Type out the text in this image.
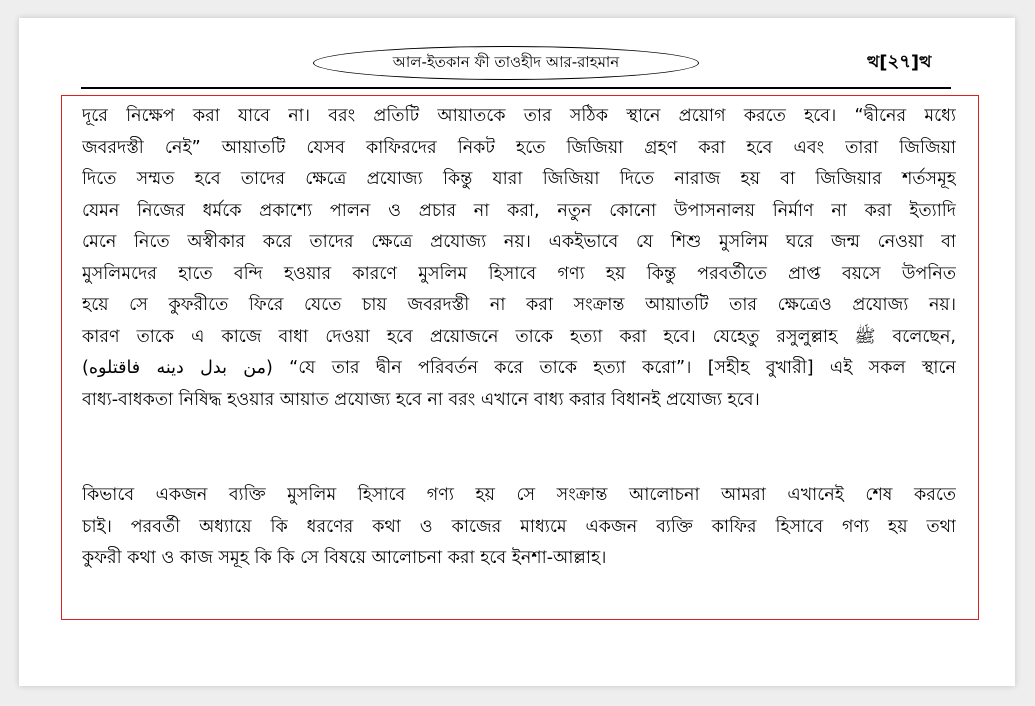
আল-ইতকান ফী তাওহীদ আর-রাহমান	ত্থ [ ২৭ ] ত্থ

দূরে নিক্ষেপ করা যাবে না। বরং প্রতিটি আয়াতকে তার সঠিক স্থানে প্রয়োগ করতে হবে। “দ্বীনের মধ্যে
জবরদস্তী নেই” আয়াতটি যেসব কাফিরদের নিকট হতে জিজিয়া গ্রহণ করা হবে এবং তারা জিজিয়া
দিতে সম্মত হবে তাদের ক্ষেত্রে প্রযোজ্য কিন্তু যারা জিজিয়া দিতে নারাজ হয় বা জিজিয়ার শর্তসমূহ
যেমন নিজের ধর্মকে প্রকাশ্যে পালন ও প্রচার না করা, নতুন কোনো উপাসনালয় নির্মাণ না করা ইত্যাদি
মেনে নিতে অস্বীকার করে তাদের ক্ষেত্রে প্রযোজ্য নয়। একইভাবে যে শিশু মুসলিম ঘরে জন্ম নেওয়া বা
মুসলিমদের হাতে বন্দি হওয়ার কারণে মুসলিম হিসাবে গণ্য হয় কিন্তু পরবর্তীতে প্রাপ্ত বয়সে উপনিত
হয়ে সে কুফরীতে ফিরে যেতে চায় জবরদস্তী না করা সংক্রান্ত আয়াতটি তার ক্ষেত্রেও প্রযোজ্য নয়।
কারণ তাকে এ কাজে বাধা দেওয়া হবে প্রয়োজনে তাকে হত্যা করা হবে। যেহেতু রসুলুল্লাহ ﷺ বলেছেন,
(من بدل دينه فاقتلوه) “যে তার দ্বীন পরিবর্তন করে তাকে হত্যা করো”। [সহীহ বুখারী] এই সকল স্থানে
বাধ্য-বাধকতা নিষিদ্ধ হওয়ার আয়াত প্রযোজ্য হবে না বরং এখানে বাধ্য করার বিধানই প্রযোজ্য হবে।

কিভাবে একজন ব্যক্তি মুসলিম হিসাবে গণ্য হয় সে সংক্রান্ত আলোচনা আমরা এখানেই শেষ করতে
চাই। পরবর্তী অধ্যায়ে কি ধরণের কথা ও কাজের মাধ্যমে একজন ব্যক্তি কাফির হিসাবে গণ্য হয় তথা
কুফরী কথা ও কাজ সমূহ কি কি সে বিষয়ে আলোচনা করা হবে ইনশা-আল্লাহ।
